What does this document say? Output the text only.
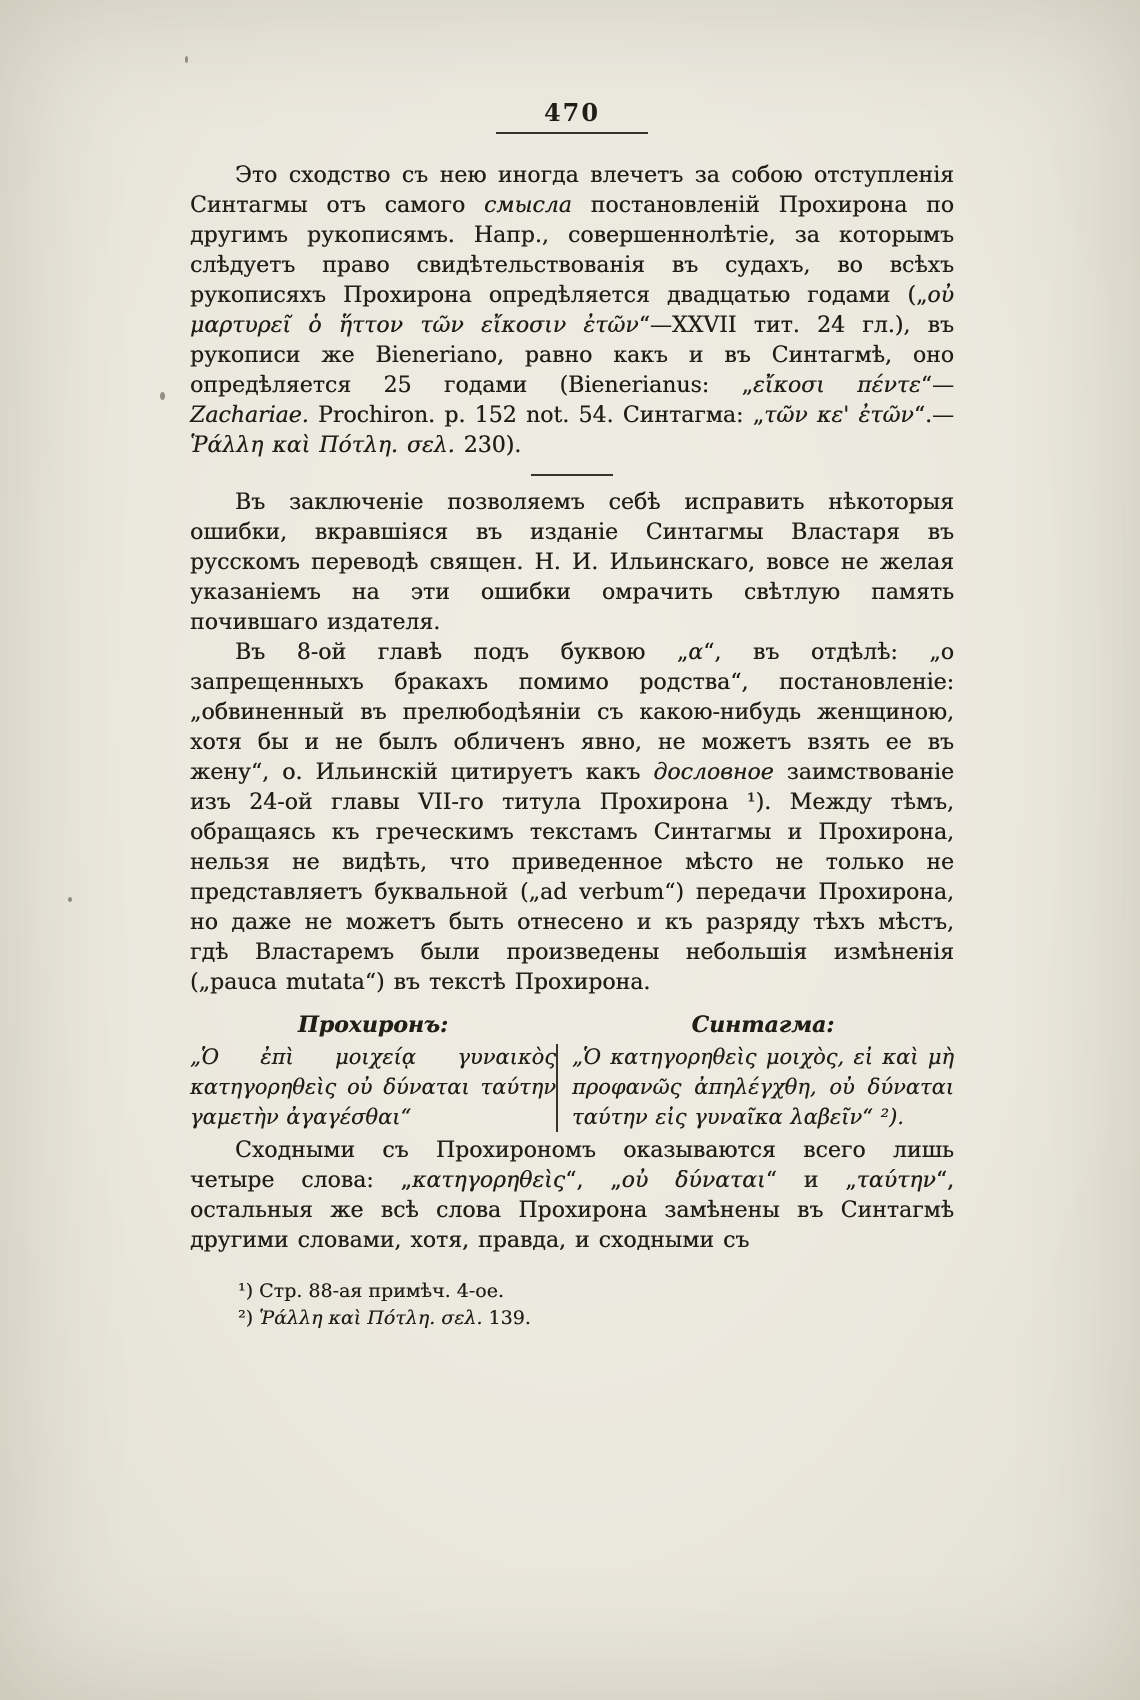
470

Это сходство съ нею иногда влечетъ за собою отступленія Синтагмы отъ самого смысла постановленій Прохирона по другимъ рукописямъ. Напр., совершеннолѣтіе, за которымъ слѣдуетъ право свидѣтельствованія въ судахъ, во всѣхъ рукописяхъ Прохирона опредѣляется двадцатью годами („οὐ μαρτυρεῖ ὁ ἥττον τῶν εἴκοσιν ἐτῶν“—XXVII тит. 24 гл.), въ рукописи же Bieneriano, равно какъ и въ Синтагмѣ, оно опредѣляется 25 годами (Bienerianus: „εἴκοσι πέντε“—Zachariae. Prochiron. p. 152 not. 54. Синтагма: „τῶν κε' ἐτῶν“.—Ῥάλλη καὶ Πότλη. σελ. 230).

Въ заключеніе позволяемъ себѣ исправить нѣкоторыя ошибки, вкравшіяся въ изданіе Синтагмы Властаря въ русскомъ переводѣ священ. Н. И. Ильинскаго, вовсе не желая указаніемъ на эти ошибки омрачить свѣтлую память почившаго издателя.

Въ 8-ой главѣ подъ буквою „α“, въ отдѣлѣ: „о запрещенныхъ бракахъ помимо родства“, постановленіе: „обвиненный въ прелюбодѣяніи съ какою-нибудь женщиною, хотя бы и не былъ обличенъ явно, не можетъ взять ее въ жену“, о. Ильинскій цитируетъ какъ дословное заимствованіе изъ 24-ой главы VII-го титула Прохирона ¹). Между тѣмъ, обращаясь къ греческимъ текстамъ Синтагмы и Прохирона, нельзя не видѣть, что приведенное мѣсто не только не представляетъ буквальной („ad verbum“) передачи Прохирона, но даже не можетъ быть отнесено и къ разряду тѣхъ мѣстъ, гдѣ Властаремъ были произведены небольшія измѣненія („pauca mutata“) въ текстѣ Прохирона.

Прохиронъ:

„Ὁ ἐπὶ μοιχείᾳ γυναικὸς κατηγορηθεὶς οὐ δύναται ταύτην γαμετὴν ἀγαγέσθαι“

Синтагма:

„Ὁ κατηγορηθεὶς μοιχὸς, εἰ καὶ μὴ προφανῶς ἀπηλέγχθη, οὐ δύναται ταύτην εἰς γυναῖκα λαβεῖν“ ²).

Сходными съ Прохирономъ оказываются всего лишь четыре слова: „κατηγορηθεὶς“, „οὐ δύναται“ и „ταύτην“, остальныя же всѣ слова Прохирона замѣнены въ Синтагмѣ другими словами, хотя, правда, и сходными съ

¹) Стр. 88-ая примѣч. 4-ое.

²) Ῥάλλη καὶ Πότλη. σελ. 139.
